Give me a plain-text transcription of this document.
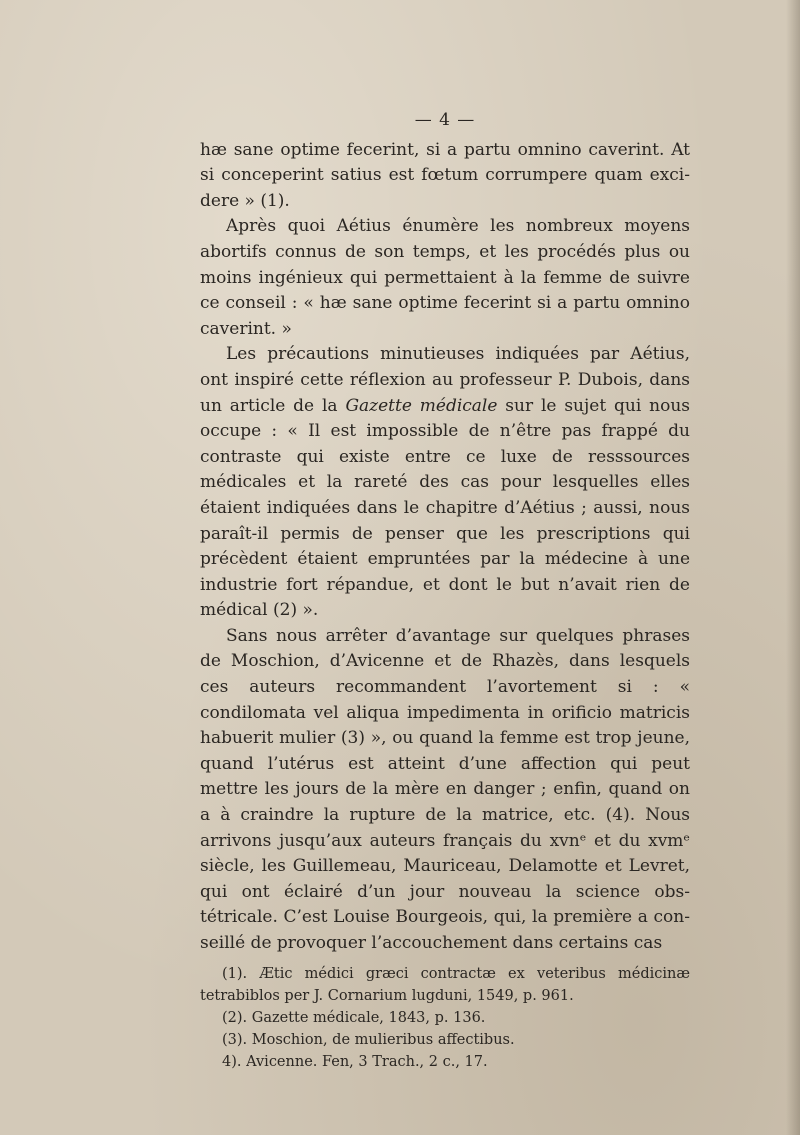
— 4 —

hæ sane optime fecerint, si a partu omnino caverint. At si conceperint satius est fœtum corrumpere quam excidere » (1).

Après quoi Aétius énumère les nombreux moyens abortifs connus de son temps, et les procédés plus ou moins ingénieux qui permettaient à la femme de suivre ce conseil : « hæ sane optime fecerint si a partu omnino caverint. »

Les précautions minutieuses indiquées par Aétius, ont inspiré cette réflexion au professeur P. Dubois, dans un article de la Gazette médicale sur le sujet qui nous occupe : « Il est impossible de n’être pas frappé du contraste qui existe entre ce luxe de resssources médicales et la rareté des cas pour lesquelles elles étaient indiquées dans le chapitre d’Aétius ; aussi, nous paraît-il permis de penser que les prescriptions qui précèdent étaient empruntées par la médecine à une industrie fort répandue, et dont le but n’avait rien de médical (2) ».

Sans nous arrêter d’avantage sur quelques phrases de Moschion, d’Avicenne et de Rhazès, dans lesquels ces auteurs recommandent l’avortement si : « condilomata vel aliqua impedimenta in orificio matricis habuerit mulier (3) », ou quand la femme est trop jeune, quand l’utérus est atteint d’une affection qui peut mettre les jours de la mère en danger ; enfin, quand on a à craindre la rupture de la matrice, etc. (4). Nous arrivons jusqu’aux auteurs français du xvnᵉ et du xvmᵉ siècle, les Guillemeau, Mauriceau, Delamotte et Levret, qui ont éclairé d’un jour nouveau la science obstétricale. C’est Louise Bourgeois, qui, la première a conseillé de provoquer l’accouchement dans certains cas

(1). Ætic médici græci contractæ ex veteribus médicinæ tetrabiblos per J. Cornarium lugduni, 1549, p. 961.

(2). Gazette médicale, 1843, p. 136.

(3). Moschion, de mulieribus affectibus.

4). Avicenne. Fen, 3 Trach., 2 c., 17.
